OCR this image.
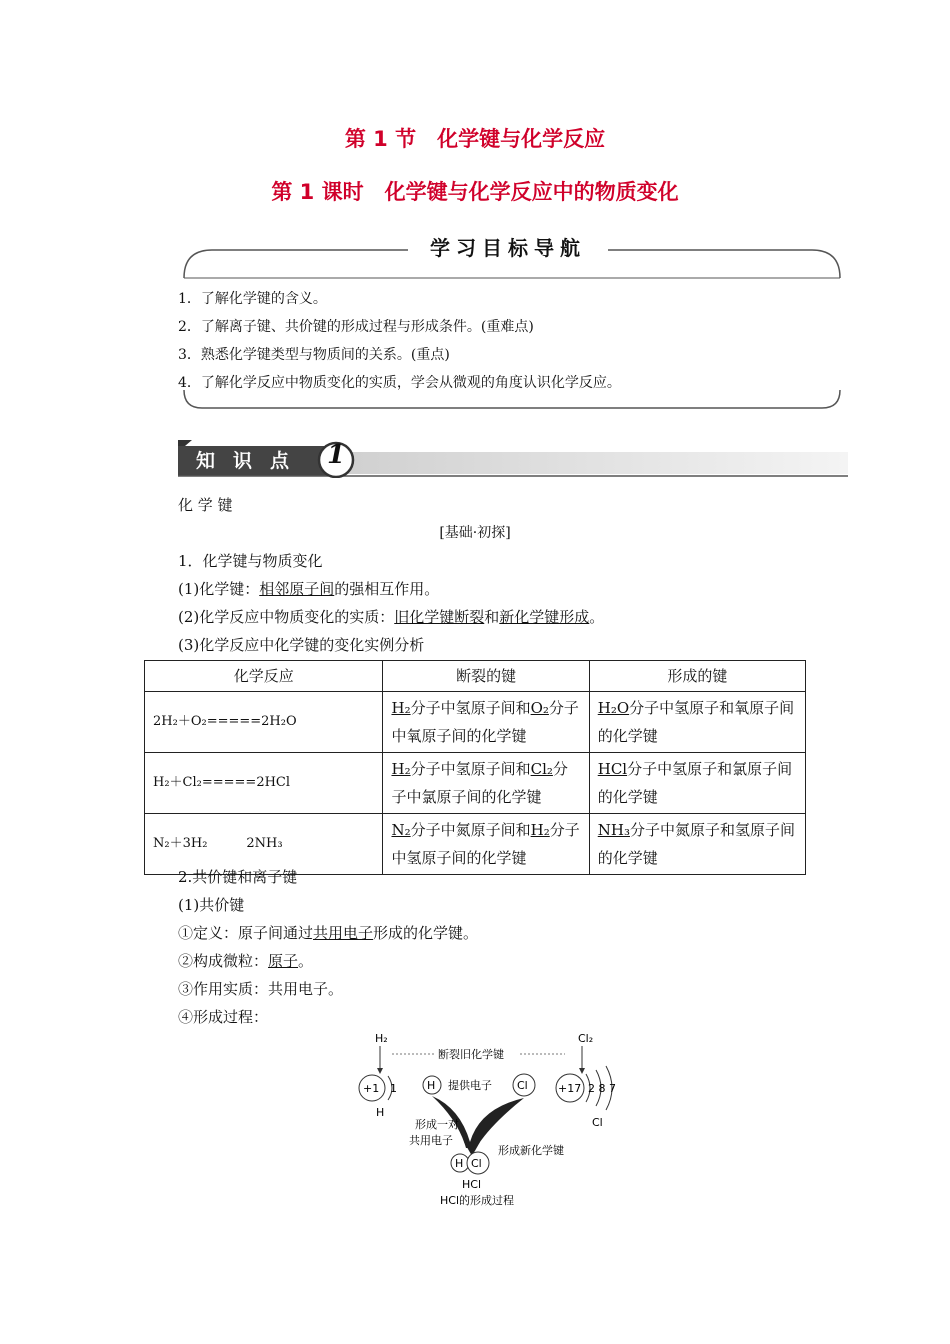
第 1 节　化学键与化学反应
第 1 课时　化学键与化学反应中的物质变化
学习目标导航
1．了解化学键的含义。
2．了解离子键、共价键的形成过程与形成条件。(重难点)
3．熟悉化学键类型与物质间的关系。(重点)
4．了解化学反应中物质变化的实质，学会从微观的角度认识化学反应。
知识点 1
化 学 键
[基础·初探]
1．化学键与物质变化
(1)化学键：相邻原子间的强相互作用。
(2)化学反应中物质变化的实质：旧化学键断裂和新化学键形成。
(3)化学反应中化学键的变化实例分析
化学反应	断裂的键	形成的键
2H₂＋O₂=====2H₂O	H₂分子中氢原子间和O₂分子中氧原子间的化学键	H₂O分子中氢原子和氧原子间的化学键
H₂＋Cl₂=====2HCl	H₂分子中氢原子间和Cl₂分子中氯原子间的化学键	HCl分子中氢原子和氯原子间的化学键
N₂＋3H₂　　　2NH₃	N₂分子中氮原子间和H₂分子中氢原子间的化学键	NH₃分子中氮原子和氢原子间的化学键
2.共价键和离子键
(1)共价键
①定义：原子间通过共用电子形成的化学键。
②构成微粒：原子。
③作用实质：共用电子。
④形成过程：
H₂
断裂旧化学键
Cl₂
+1 1
H
H 提供电子 Cl	+17 2 8 7
Cl
形成一对
共用电子
H Cl
形成新化学键
HCl
HCl的形成过程
